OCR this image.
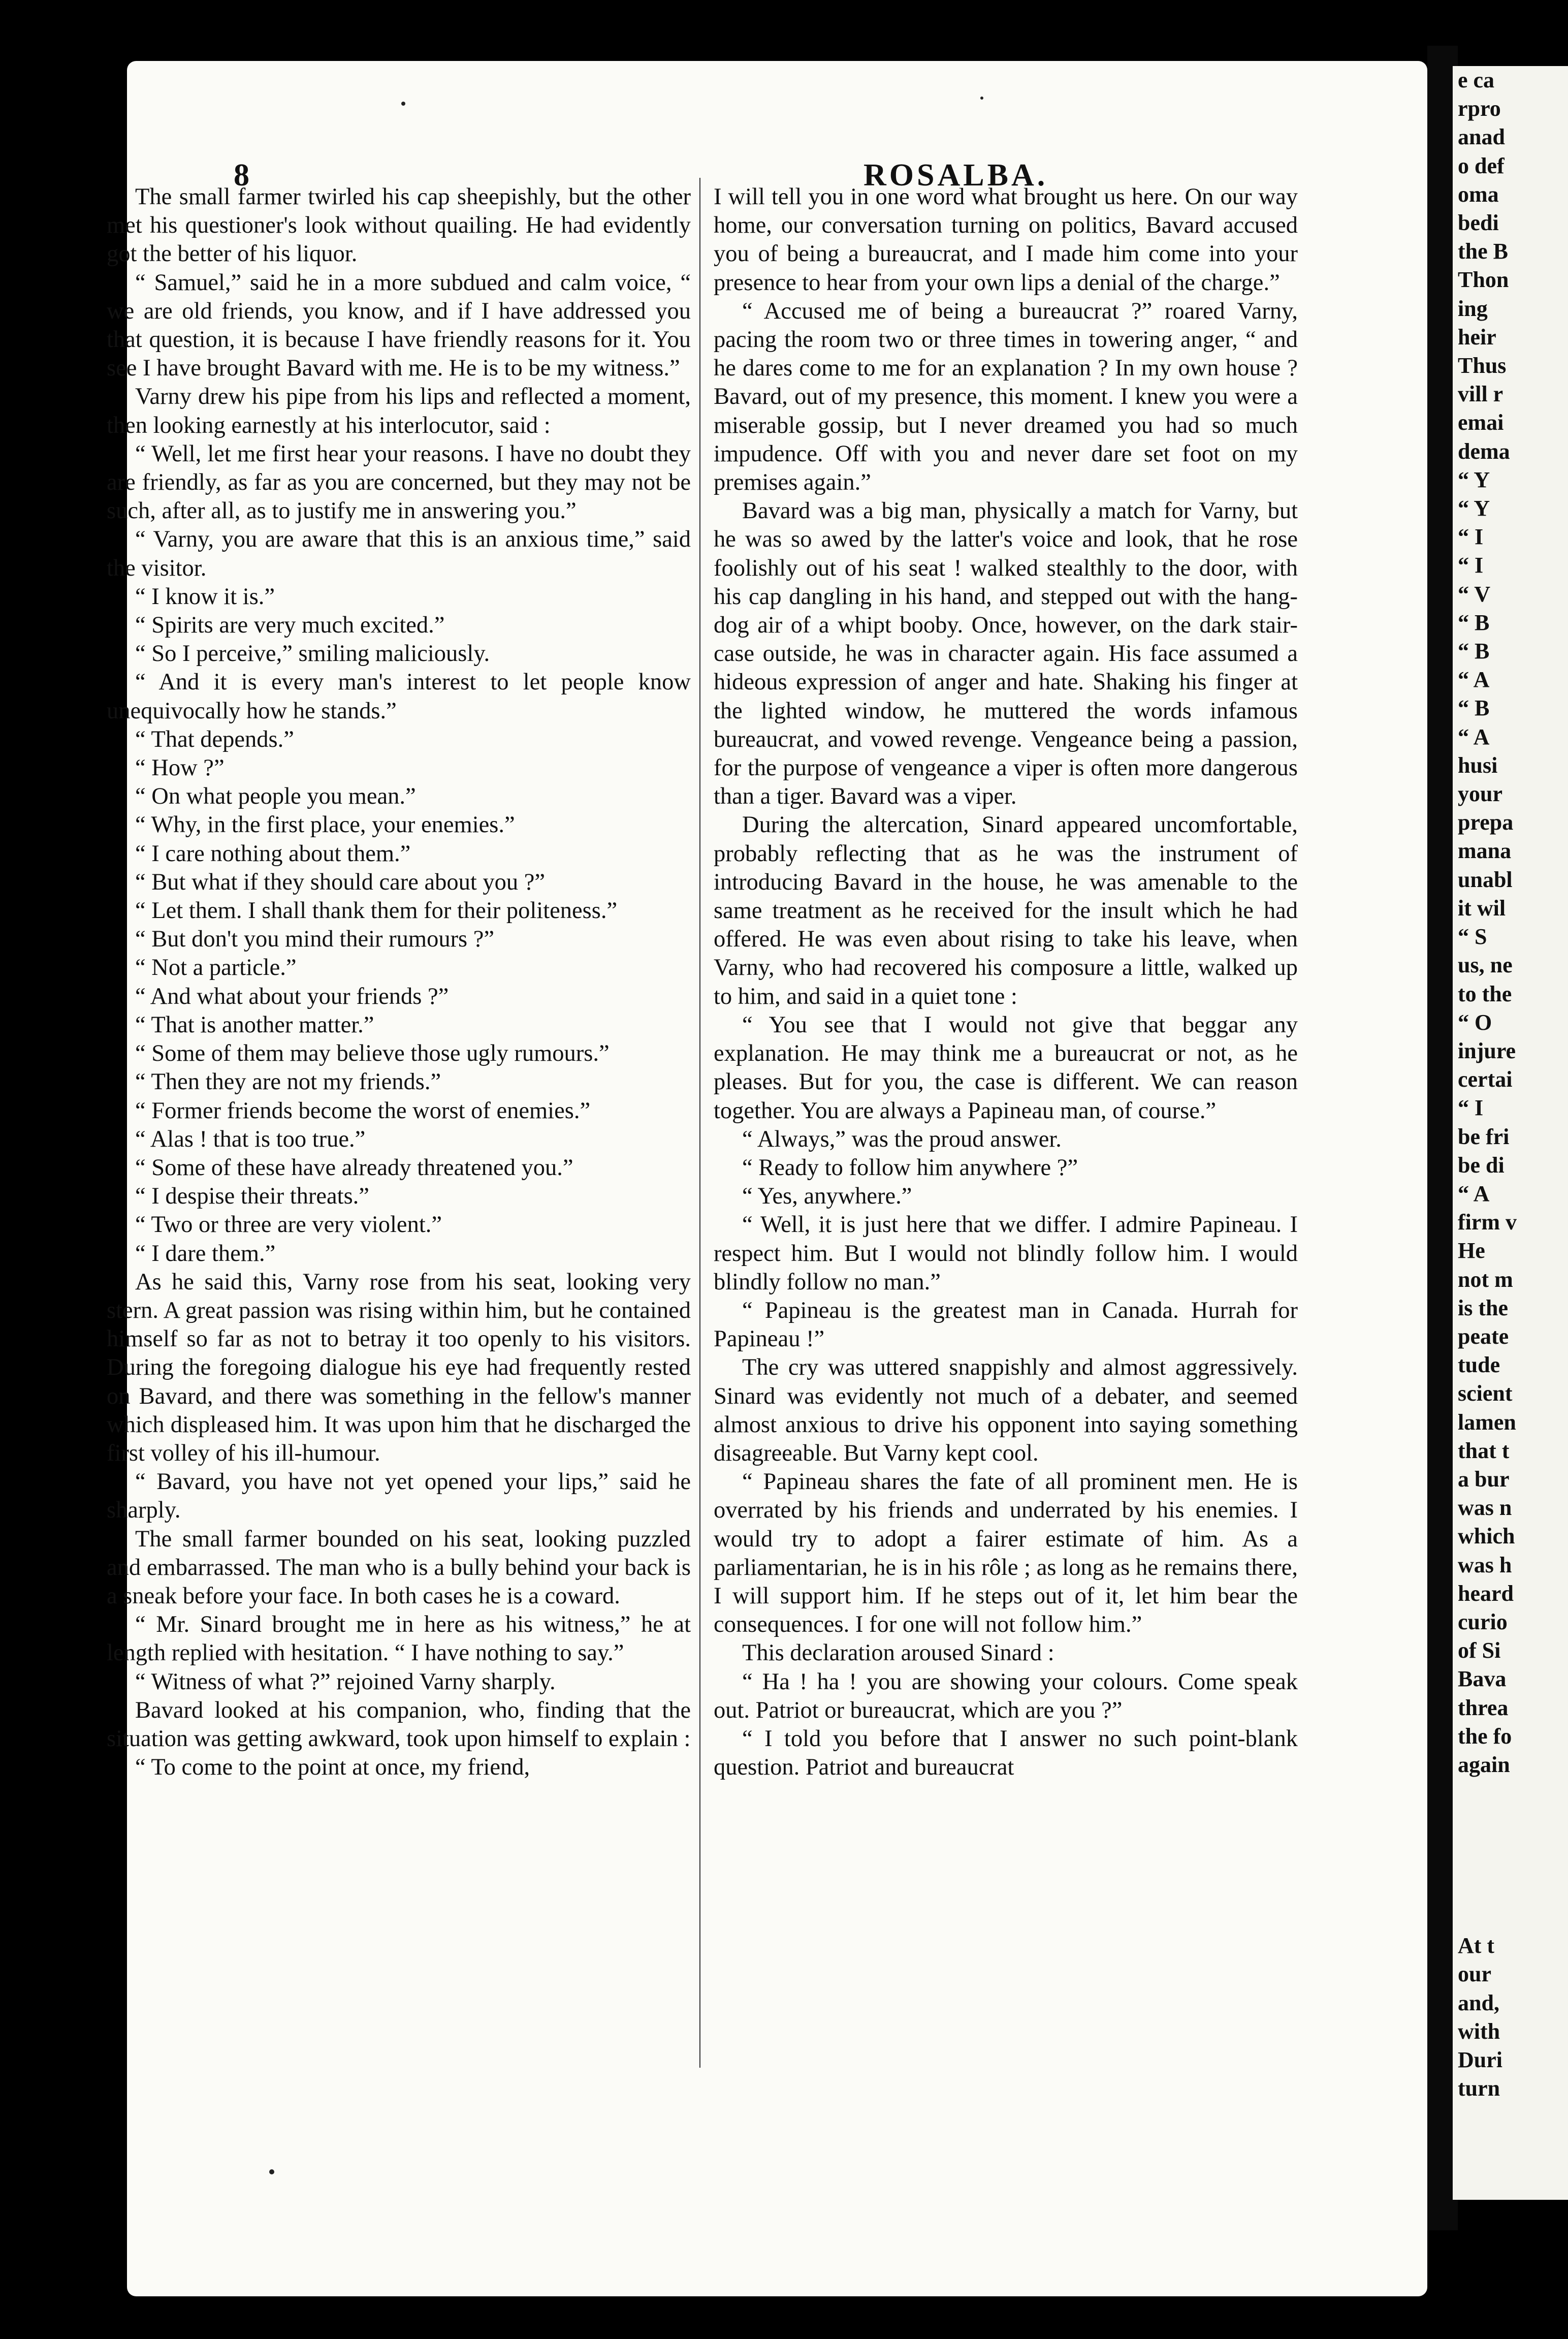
8	ROSALBA.

The small farmer twirled his cap sheepishly, but the other met his questioner's look without quailing. He had evidently got the better of his liquor.

“ Samuel,” said he in a more subdued and calm voice, “ we are old friends, you know, and if I have addressed you that question, it is because I have friendly reasons for it. You see I have brought Bavard with me. He is to be my witness.”

Varny drew his pipe from his lips and reflected a moment, then looking earnestly at his interlocutor, said :

“ Well, let me first hear your reasons. I have no doubt they are friendly, as far as you are concerned, but they may not be such, after all, as to justify me in answering you.”

“ Varny, you are aware that this is an anxious time,” said the visitor.

“ I know it is.”

“ Spirits are very much excited.”

“ So I perceive,” smiling maliciously.

“ And it is every man's interest to let people know unequivocally how he stands.”

“ That depends.”

“ How ?”

“ On what people you mean.”

“ Why, in the first place, your enemies.”

“ I care nothing about them.”

“ But what if they should care about you ?”

“ Let them. I shall thank them for their politeness.”

“ But don't you mind their rumours ?”

“ Not a particle.”

“ And what about your friends ?”

“ That is another matter.”

“ Some of them may believe those ugly rumours.”

“ Then they are not my friends.”

“ Former friends become the worst of enemies.”

“ Alas ! that is too true.”

“ Some of these have already threatened you.”

“ I despise their threats.”

“ Two or three are very violent.”

“ I dare them.”

As he said this, Varny rose from his seat, looking very stern. A great passion was rising within him, but he contained himself so far as not to betray it too openly to his visitors. During the foregoing dialogue his eye had frequently rested on Bavard, and there was something in the fellow's manner which displeased him. It was upon him that he discharged the first volley of his ill-humour.

“ Bavard, you have not yet opened your lips,” said he sharply.

The small farmer bounded on his seat, looking puzzled and embarrassed. The man who is a bully behind your back is a sneak before your face. In both cases he is a coward.

“ Mr. Sinard brought me in here as his witness,” he at length replied with hesitation. “ I have nothing to say.”

“ Witness of what ?” rejoined Varny sharply.

Bavard looked at his companion, who, finding that the situation was getting awkward, took upon himself to explain :

“ To come to the point at once, my friend,

I will tell you in one word what brought us here. On our way home, our conversation turning on politics, Bavard accused you of being a bureaucrat, and I made him come into your presence to hear from your own lips a denial of the charge.”

“ Accused me of being a bureaucrat ?” roared Varny, pacing the room two or three times in towering anger, “ and he dares come to me for an explanation ? In my own house ? Bavard, out of my presence, this moment. I knew you were a miserable gossip, but I never dreamed you had so much impudence. Off with you and never dare set foot on my premises again.”

Bavard was a big man, physically a match for Varny, but he was so awed by the latter's voice and look, that he rose foolishly out of his seat ! walked stealthly to the door, with his cap dangling in his hand, and stepped out with the hang-dog air of a whipt booby. Once, however, on the dark stair-case outside, he was in character again. His face assumed a hideous expression of anger and hate. Shaking his finger at the lighted window, he muttered the words infamous bureaucrat, and vowed revenge. Vengeance being a passion, for the purpose of vengeance a viper is often more dangerous than a tiger. Bavard was a viper.

During the altercation, Sinard appeared uncomfortable, probably reflecting that as he was the instrument of introducing Bavard in the house, he was amenable to the same treatment as he received for the insult which he had offered. He was even about rising to take his leave, when Varny, who had recovered his composure a little, walked up to him, and said in a quiet tone :

“ You see that I would not give that beggar any explanation. He may think me a bureaucrat or not, as he pleases. But for you, the case is different. We can reason together. You are always a Papineau man, of course.”

“ Always,” was the proud answer.

“ Ready to follow him anywhere ?”

“ Yes, anywhere.”

“ Well, it is just here that we differ. I admire Papineau. I respect him. But I would not blindly follow him. I would blindly follow no man.”

“ Papineau is the greatest man in Canada. Hurrah for Papineau !”

The cry was uttered snappishly and almost aggressively. Sinard was evidently not much of a debater, and seemed almost anxious to drive his opponent into saying something disagreeable. But Varny kept cool.

“ Papineau shares the fate of all prominent men. He is overrated by his friends and underrated by his enemies. I would try to adopt a fairer estimate of him. As a parliamentarian, he is in his rôle ; as long as he remains there, I will support him. If he steps out of it, let him bear the consequences. I for one will not follow him.”

This declaration aroused Sinard :

“ Ha ! ha ! you are showing your colours. Come speak out. Patriot or bureaucrat, which are you ?”

“ I told you before that I answer no such point-blank question. Patriot and bureaucrat

e ca
rpro
anad
o def
oma
bedi
the B
Thon
ing
heir
Thus
vill r
emai
dema
“ Y
“ Y
“ I
“ I
“ V
“ B
“ B
“ A
“ B
“ A
husi
your
prepa
mana
unabl
it wil
“ S
us, ne
to the
“ O
injure
certai
“ I
be fri
be di
“ A
firm v
He
not m
is the
peate
tude
scient
lamen
that t
a bur
was n
which
was h
heard
curio
of Si
Bava
threa
the fo
again
At t
our
and,
with
Duri
turn
